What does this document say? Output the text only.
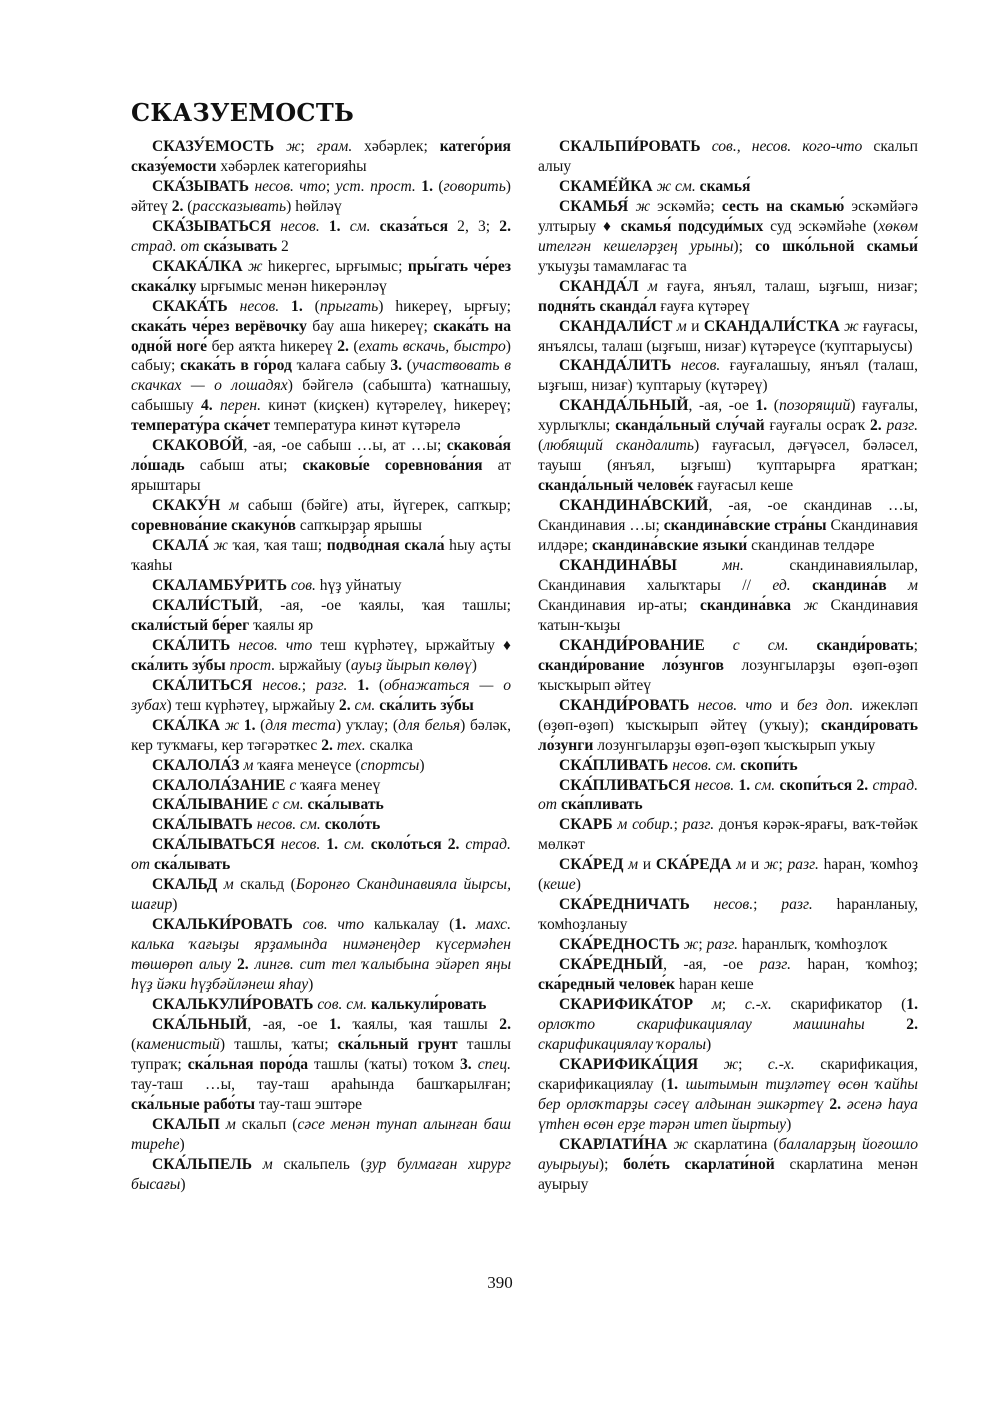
СКАЗУЕМОСТЬ

СКАЗУ́ЕМОСТЬ ж; грам. хәбәрлек; катего́рия сказу́емости хәбәрлек категорияһы

СКА́ЗЫВАТЬ несов. что; уст. прост. 1. (говорить) әйтеү 2. (рассказывать) һөйләү

СКА́ЗЫВАТЬСЯ несов. 1. см. сказа́ться 2, 3; 2. страд. от ска́зывать 2

СКАКА́ЛКА ж һикергес, ырғымыс; пры́гать че́рез скака́лку ырғымыс менән һикерәнләү

СКАКА́ТЬ несов. 1. (прыгать) һикереү, ырғыу; скака́ть че́рез верёвочку бау аша һикереү; скака́ть на одно́й ноге́ бер аяҡта һикереү 2. (ехать вскачь, быстро) сабыу; скака́ть в го́род ҡалаға сабыу 3. (участвовать в скачках — о лошадях) бәйгелә (сабышта) ҡатнашыу, сабышыу 4. перен. кинәт (киҫкен) күтәрелеү, һикереү; температу́ра ска́чет температура кинәт күтәрелә

СКАКОВО́Й, -ая, -ое сабыш …ы, ат …ы; скакова́я ло́шадь сабыш аты; скаковы́е соревнова́ния ат ярыштары

СКАКУ́Н м сабыш (бәйге) аты, йүгерек, сапҡыр; соревнова́ние скакуно́в сапҡырҙар ярышы

СКАЛА́ ж ҡая, ҡая таш; подво́дная скала́ һыу аҫты ҡаяһы

СКАЛАМБУ́РИТЬ сов. һүҙ уйнатыу

СКАЛИ́СТЫЙ, -ая, -ое ҡаялы, ҡая ташлы; скали́стый бе́рег ҡаялы яр

СКА́ЛИТЬ несов. что теш күрһәтеү, ыржайтыу ♦ ска́лить зу́бы прост. ыржайыу (ауыҙ йырып көлөү)

СКА́ЛИТЬСЯ несов.; разг. 1. (обнажаться — о зубах) теш күрһәтеү, ыржайыу 2. см. ска́лить зу́бы

СКА́ЛКА ж 1. (для теста) уҡлау; (для белья) бәләк, кер туҡмағы, кер тәгәрәткес 2. тех. скалка

СКАЛОЛА́З м ҡаяға менеүсе (спортсы)

СКАЛОЛА́ЗАНИЕ с ҡаяға менеү

СКА́ЛЫВАНИЕ с см. ска́лывать

СКА́ЛЫВАТЬ несов. см. сколо́ть

СКА́ЛЫВАТЬСЯ несов. 1. см. сколо́ться 2. страд. от ска́лывать

СКАЛЬД м скальд (Боронғо Скандинавияла йырсы, шағир)

СКАЛЬКИ́РОВАТЬ сов. что калькалау (1. махс. калька ҡағыҙы ярҙамында нимәнеңдер күсермәһен төшөрөп алыу 2. лингв. сит тел ҡалыбына эйәреп яңы һүҙ йәки һүҙбәйләнеш яһау)

СКАЛЬКУЛИ́РОВАТЬ сов. см. калькули́ровать

СКА́ЛЬНЫЙ, -ая, -ое 1. ҡаялы, ҡая ташлы 2. (каменистый) ташлы, ҡаты; ска́льный грунт ташлы тупраҡ; ска́льная поро́да ташлы (ҡаты) тоҡом 3. спец. тау-таш …ы, тау-таш араһында башҡарылған; ска́льные рабо́ты тау-таш эштәре

СКАЛЬП м скальп (сәсе менән тунап алынған баш тиреһе)

СКА́ЛЬПЕЛЬ м скальпель (ҙур булмаған хирург бысағы)

СКАЛЬПИ́РОВАТЬ сов., несов. кого-что скальп алыу

СКАМЕ́ЙКА ж см. скамья́

СКАМЬЯ́ ж эскәмйә; сесть на скамью́ эскәмйәгә ултырыу ♦ скамья́ подсуди́мых суд эскәмйәһе (хөкөм ителгән кешеләрҙең урыны); со шко́льной скамьи́ уҡыуҙы тамамлағас та

СКАНДА́Л м ғауға, янъял, талаш, ыҙғыш, низағ; подня́ть сканда́л ғауға күтәреү

СКАНДАЛИ́СТ м и СКАНДАЛИ́СТКА ж ғауғасы, янъялсы, талаш (ыҙғыш, низағ) күтәреүсе (ҡуптарыусы)

СКАНДА́ЛИТЬ несов. ғауғалашыу, янъял (талаш, ыҙғыш, низағ) ҡуптарыу (күтәреү)

СКАНДА́ЛЬНЫЙ, -ая, -ое 1. (позорящий) ғауғалы, хурлыҡлы; сканда́льный слу́чай ғауғалы осраҡ 2. разг. (любящий скандалить) ғауғасыл, дәғүәсел, бәләсел, тауыш (янъял, ыҙғыш) ҡуптарырға яратҡан; сканда́льный челове́к ғауғасыл кеше

СКАНДИНА́ВСКИЙ, -ая, -ое скандинав …ы, Скандинавия …ы; скандина́вские стра́ны Скандинавия илдәре; скандина́вские языки́ скандинав телдәре

СКАНДИНА́ВЫ	мн. скандинавиялылар, Скандинавия халыҡтары // ед. скандина́в м Скандинавия ир-аты; скандина́вка ж Скандинавия ҡатын-ҡыҙы

СКАНДИ́РОВАНИЕ с см. сканди́ровать; сканди́рование ло́зунгов лозунгыларҙы өҙөп-өҙөп ҡысҡырып әйтеү

СКАНДИ́РОВАТЬ несов. что и без доп. ижекләп (өҙөп-өҙөп) ҡысҡырып әйтеү (уҡыу); сканди́ровать ло́зунги лозунгыларҙы өҙөп-өҙөп ҡысҡырып уҡыу

СКА́ПЛИВАТЬ несов. см. скопи́ть

СКА́ПЛИВАТЬСЯ несов. 1. см. скопи́ться 2. страд. от ска́пливать

СКАРБ м собир.; разг. донъя кәрәк-ярағы, ваҡ-төйәк мөлкәт

СКА́РЕД м и СКА́РЕДА м и ж; разг. һаран, ҡомһоҙ (кеше)

СКА́РЕДНИЧАТЬ несов.; разг. һаранланыу, ҡомһоҙланыу

СКА́РЕДНОСТЬ ж; разг. һаранлыҡ, ҡомһоҙлоҡ

СКА́РЕДНЫЙ, -ая, -ое разг. һаран, ҡомһоҙ; ска́редный челове́к һаран кеше

СКАРИФИКА́ТОР м; с.-х. скарификатор (1. орлоҡто скарификациялау машинаһы	2. скарификациялау ҡоралы)

СКАРИФИКА́ЦИЯ ж; с.-х. скарификация, скарификациялау (1. шытымын тиҙләтеү өсөн ҡайһы бер орлоҡтарҙы сәсеү алдынан эшкәртеү 2. әсенә һауа үтһен өсөн ерҙе тәрән итеп йыртыу)

СКАРЛАТИ́НА ж скарлатина (балаларҙың йоғошло ауырыуы); боле́ть скарлати́ной скарлатина менән ауырыу

390
